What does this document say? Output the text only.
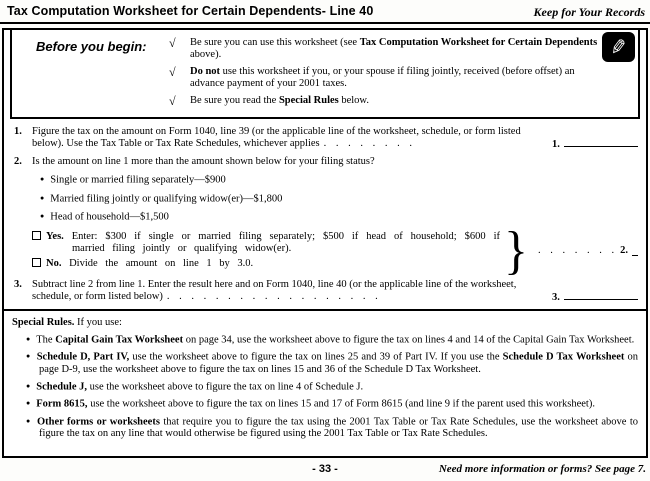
Tax Computation Worksheet for Certain Dependents- Line 40	Keep for Your Records
Before you begin: √	Be sure you can use this worksheet (see Tax Computation Worksheet for Certain Dependents above).
√	Do not use this worksheet if you, or your spouse if filing jointly, received (before offset) an advance payment of your 2001 taxes.
√	Be sure you read the Special Rules below.
✎
1. Figure the tax on the amount on Form 1040, line 39 (or the applicable line of the worksheet, schedule, or form listed below). Use the Tax Table or Tax Rate Schedules, whichever applies . . . . . . . .	1.
2. Is the amount on line 1 more than the amount shown below for your filing status?
● Single or married filing separately—$900
● Married filing jointly or qualifying widow(er)—$1,800
● Head of household—$1,500
Yes. Enter: $300 if single or married filing separately; $500 if head of household; $600 if married filing jointly or qualifying widow(er).
No. Divide the amount on line 1 by 3.0.	} . . . . . . . 2.
3. Subtract line 2 from line 1. Enter the result here and on Form 1040, line 40 (or the applicable line of the worksheet, schedule, or form listed below) . . . . . . . . . . . . . . . . . .	3.
Special Rules. If you use:
● The Capital Gain Tax Worksheet on page 34, use the worksheet above to figure the tax on lines 4 and 14 of the Capital Gain Tax Worksheet.
● Schedule D, Part IV, use the worksheet above to figure the tax on lines 25 and 39 of Part IV. If you use the Schedule D Tax Worksheet on page D-9, use the worksheet above to figure the tax on lines 15 and 36 of the Schedule D Tax Worksheet.
● Schedule J, use the worksheet above to figure the tax on line 4 of Schedule J.
● Form 8615, use the worksheet above to figure the tax on lines 15 and 17 of Form 8615 (and line 9 if the parent used this worksheet).
● Other forms or worksheets that require you to figure the tax using the 2001 Tax Table or Tax Rate Schedules, use the worksheet above to figure the tax on any line that would otherwise be figured using the 2001 Tax Table or Tax Rate Schedules.
- 33 -	Need more information or forms? See page 7.
